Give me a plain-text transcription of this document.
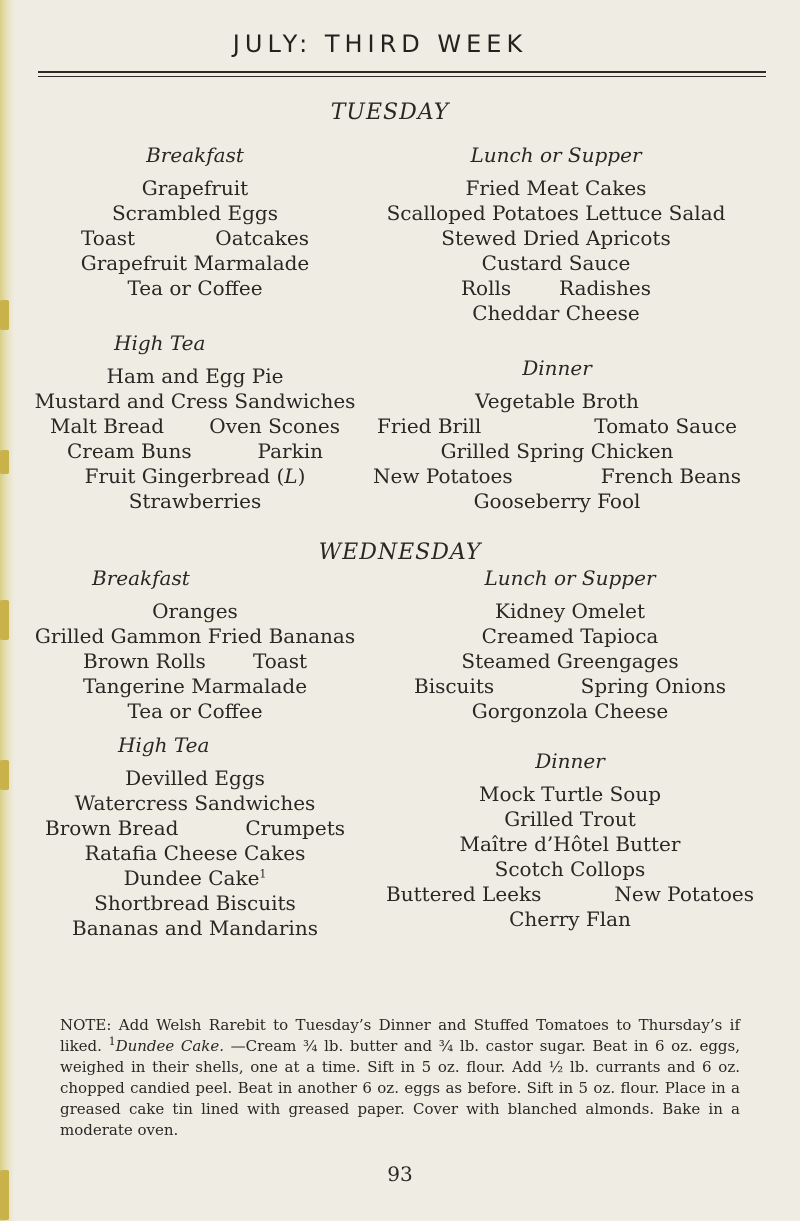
JULY: THIRD WEEK
TUESDAY
Breakfast
Grapefruit
Scrambled Eggs
Toast	Oatcakes
Grapefruit Marmalade
Tea or Coffee
Lunch or Supper
Fried Meat Cakes
Scalloped Potatoes Lettuce Salad
Stewed Dried Apricots
Custard Sauce
Rolls Radishes
Cheddar Cheese
High Tea
Ham and Egg Pie
Mustard and Cress Sandwiches
Malt Bread Oven Scones
Cream Buns	Parkin
Fruit Gingerbread (L)
Strawberries
Dinner
Vegetable Broth
Fried Brill	Tomato Sauce
Grilled Spring Chicken
New Potatoes	French Beans
Gooseberry Fool
WEDNESDAY
Breakfast
Oranges
Grilled Gammon Fried Bananas
Brown Rolls Toast
Tangerine Marmalade
Tea or Coffee
Lunch or Supper
Kidney Omelet
Creamed Tapioca
Steamed Greengages
Biscuits	Spring Onions
Gorgonzola Cheese
High Tea
Devilled Eggs
Watercress Sandwiches
Brown Bread	Crumpets
Ratafia Cheese Cakes
Dundee Cake$^1$
Shortbread Biscuits
Bananas and Mandarins
Dinner
Mock Turtle Soup
Grilled Trout
Maître d’Hôtel Butter
Scotch Collops
Buttered Leeks	New Potatoes
Cherry Flan
NOTE: Add Welsh Rarebit to Tuesday’s Dinner and Stuffed Tomatoes to Thursday’s if liked. $^1$Dundee Cake. —Cream ¾ lb. butter and ¾ lb. castor sugar. Beat in 6 oz. eggs, weighed in their shells, one at a time. Sift in 5 oz. flour. Add ½ lb. currants and 6 oz. chopped candied peel. Beat in another 6 oz. eggs as before. Sift in 5 oz. flour. Place in a greased cake tin lined with greased paper. Cover with blanched almonds. Bake in a moderate oven.
93
